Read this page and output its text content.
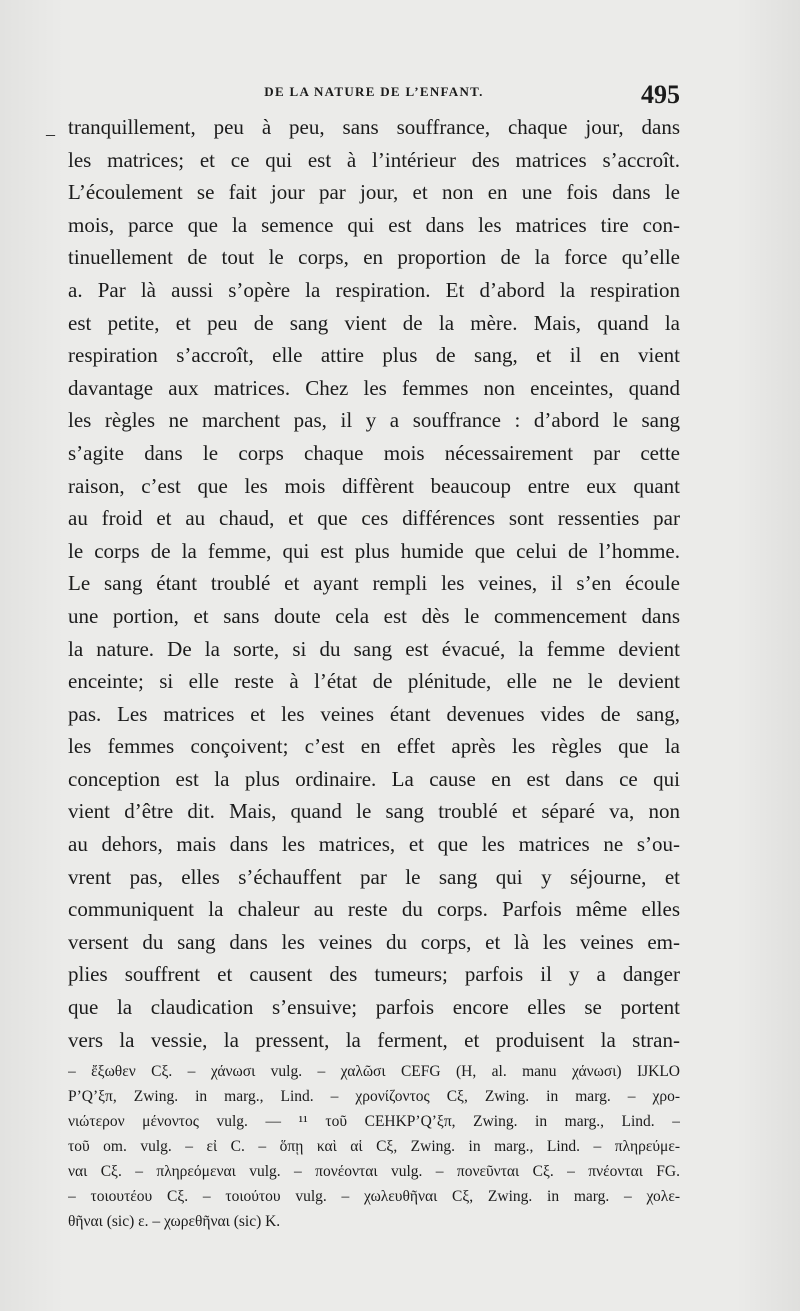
DE LA NATURE DE L’ENFANT.	495
– tranquillement, peu à peu, sans souffrance, chaque jour, dans
les matrices; et ce qui est à l’intérieur des matrices s’accroît.
L’écoulement se fait jour par jour, et non en une fois dans le
mois, parce que la semence qui est dans les matrices tire con-
tinuellement de tout le corps, en proportion de la force qu’elle
a. Par là aussi s’opère la respiration. Et d’abord la respiration
est petite, et peu de sang vient de la mère. Mais, quand la
respiration s’accroît, elle attire plus de sang, et il en vient
davantage aux matrices. Chez les femmes non enceintes, quand
les règles ne marchent pas, il y a souffrance : d’abord le sang
s’agite dans le corps chaque mois nécessairement par cette
raison, c’est que les mois diffèrent beaucoup entre eux quant
au froid et au chaud, et que ces différences sont ressenties par
le corps de la femme, qui est plus humide que celui de l’homme.
Le sang étant troublé et ayant rempli les veines, il s’en écoule
une portion, et sans doute cela est dès le commencement dans
la nature. De la sorte, si du sang est évacué, la femme devient
enceinte; si elle reste à l’état de plénitude, elle ne le devient
pas. Les matrices et les veines étant devenues vides de sang,
les femmes conçoivent; c’est en effet après les règles que la
conception est la plus ordinaire. La cause en est dans ce qui
vient d’être dit. Mais, quand le sang troublé et séparé va, non
au dehors, mais dans les matrices, et que les matrices ne s’ou-
vrent pas, elles s’échauffent par le sang qui y séjourne, et
communiquent la chaleur au reste du corps. Parfois même elles
versent du sang dans les veines du corps, et là les veines em-
plies souffrent et causent des tumeurs; parfois il y a danger
que la claudication s’ensuive; parfois encore elles se portent
vers la vessie, la pressent, la ferment, et produisent la stran-
– ἔξωθεν Cξ. – χάνωσι vulg. – χαλῶσι CEFG (H, al. manu χάνωσι) IJKLO
P’Q’ξπ, Zwing. in marg., Lind. – χρονίζοντος Cξ, Zwing. in marg. – χρο-
νιώτερον μένοντος vulg. — ¹¹ τοῦ CEHKP’Q’ξπ, Zwing. in marg., Lind. –
τοῦ om. vulg. – εἰ C. – ὅπῃ καὶ αἱ Cξ, Zwing. in marg., Lind. – πληρεύμε-
ναι Cξ. – πληρεόμεναι vulg. – πονέονται vulg. – πονεῦνται Cξ. – πνέονται FG.
– τοιουτέου Cξ. – τοιούτου vulg. – χωλευθῆναι Cξ, Zwing. in marg. – χολε-
θῆναι (sic) ε. – χωρεθῆναι (sic) K.
